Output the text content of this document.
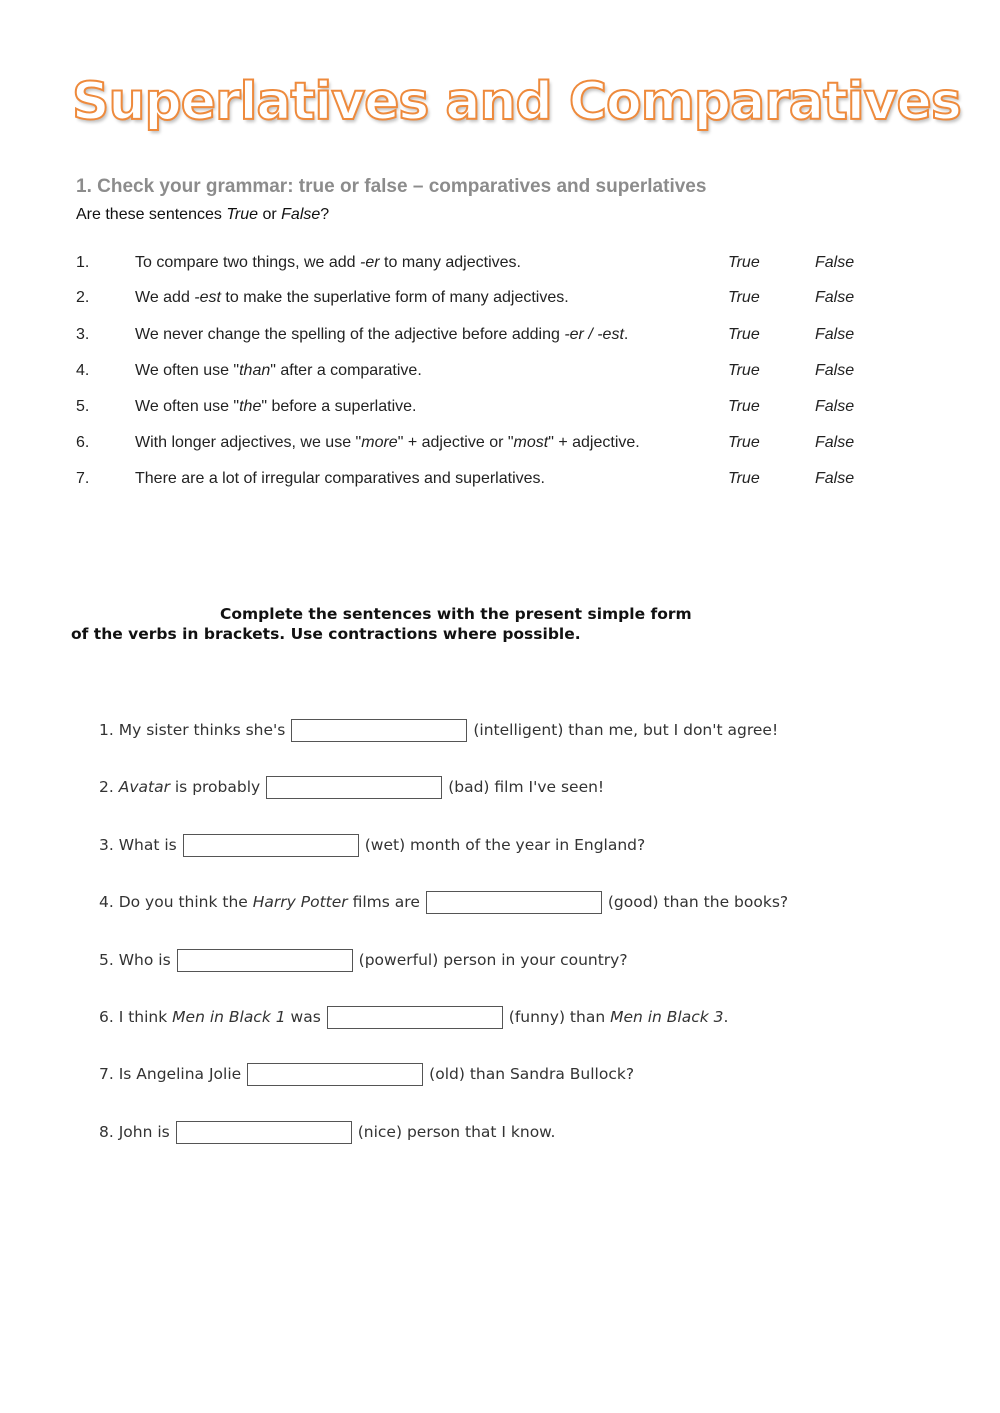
Superlatives and Comparatives
1. Check your grammar: true or false – comparatives and superlatives
Are these sentences True or False?
1.	To compare two things, we add -er to many adjectives.	True	False
2.	We add -est to make the superlative form of many adjectives.	True	False
3.	We never change the spelling of the adjective before adding -er / -est.	True	False
4.	We often use "than" after a comparative.	True	False
5.	We often use "the" before a superlative.	True	False
6.	With longer adjectives, we use "more" + adjective or "most" + adjective.	True	False
7.	There are a lot of irregular comparatives and superlatives.	True	False
Complete the sentences with the present simple form
of the verbs in brackets. Use contractions where possible.
1. My sister thinks she's	(intelligent) than me, but I don't agree!
2. Avatar is probably	(bad) film I've seen!
3. What is	(wet) month of the year in England?
4. Do you think the Harry Potter films are	(good) than the books?
5. Who is	(powerful) person in your country?
6. I think Men in Black 1 was	(funny) than Men in Black 3.
7. Is Angelina Jolie	(old) than Sandra Bullock?
8. John is	(nice) person that I know.
